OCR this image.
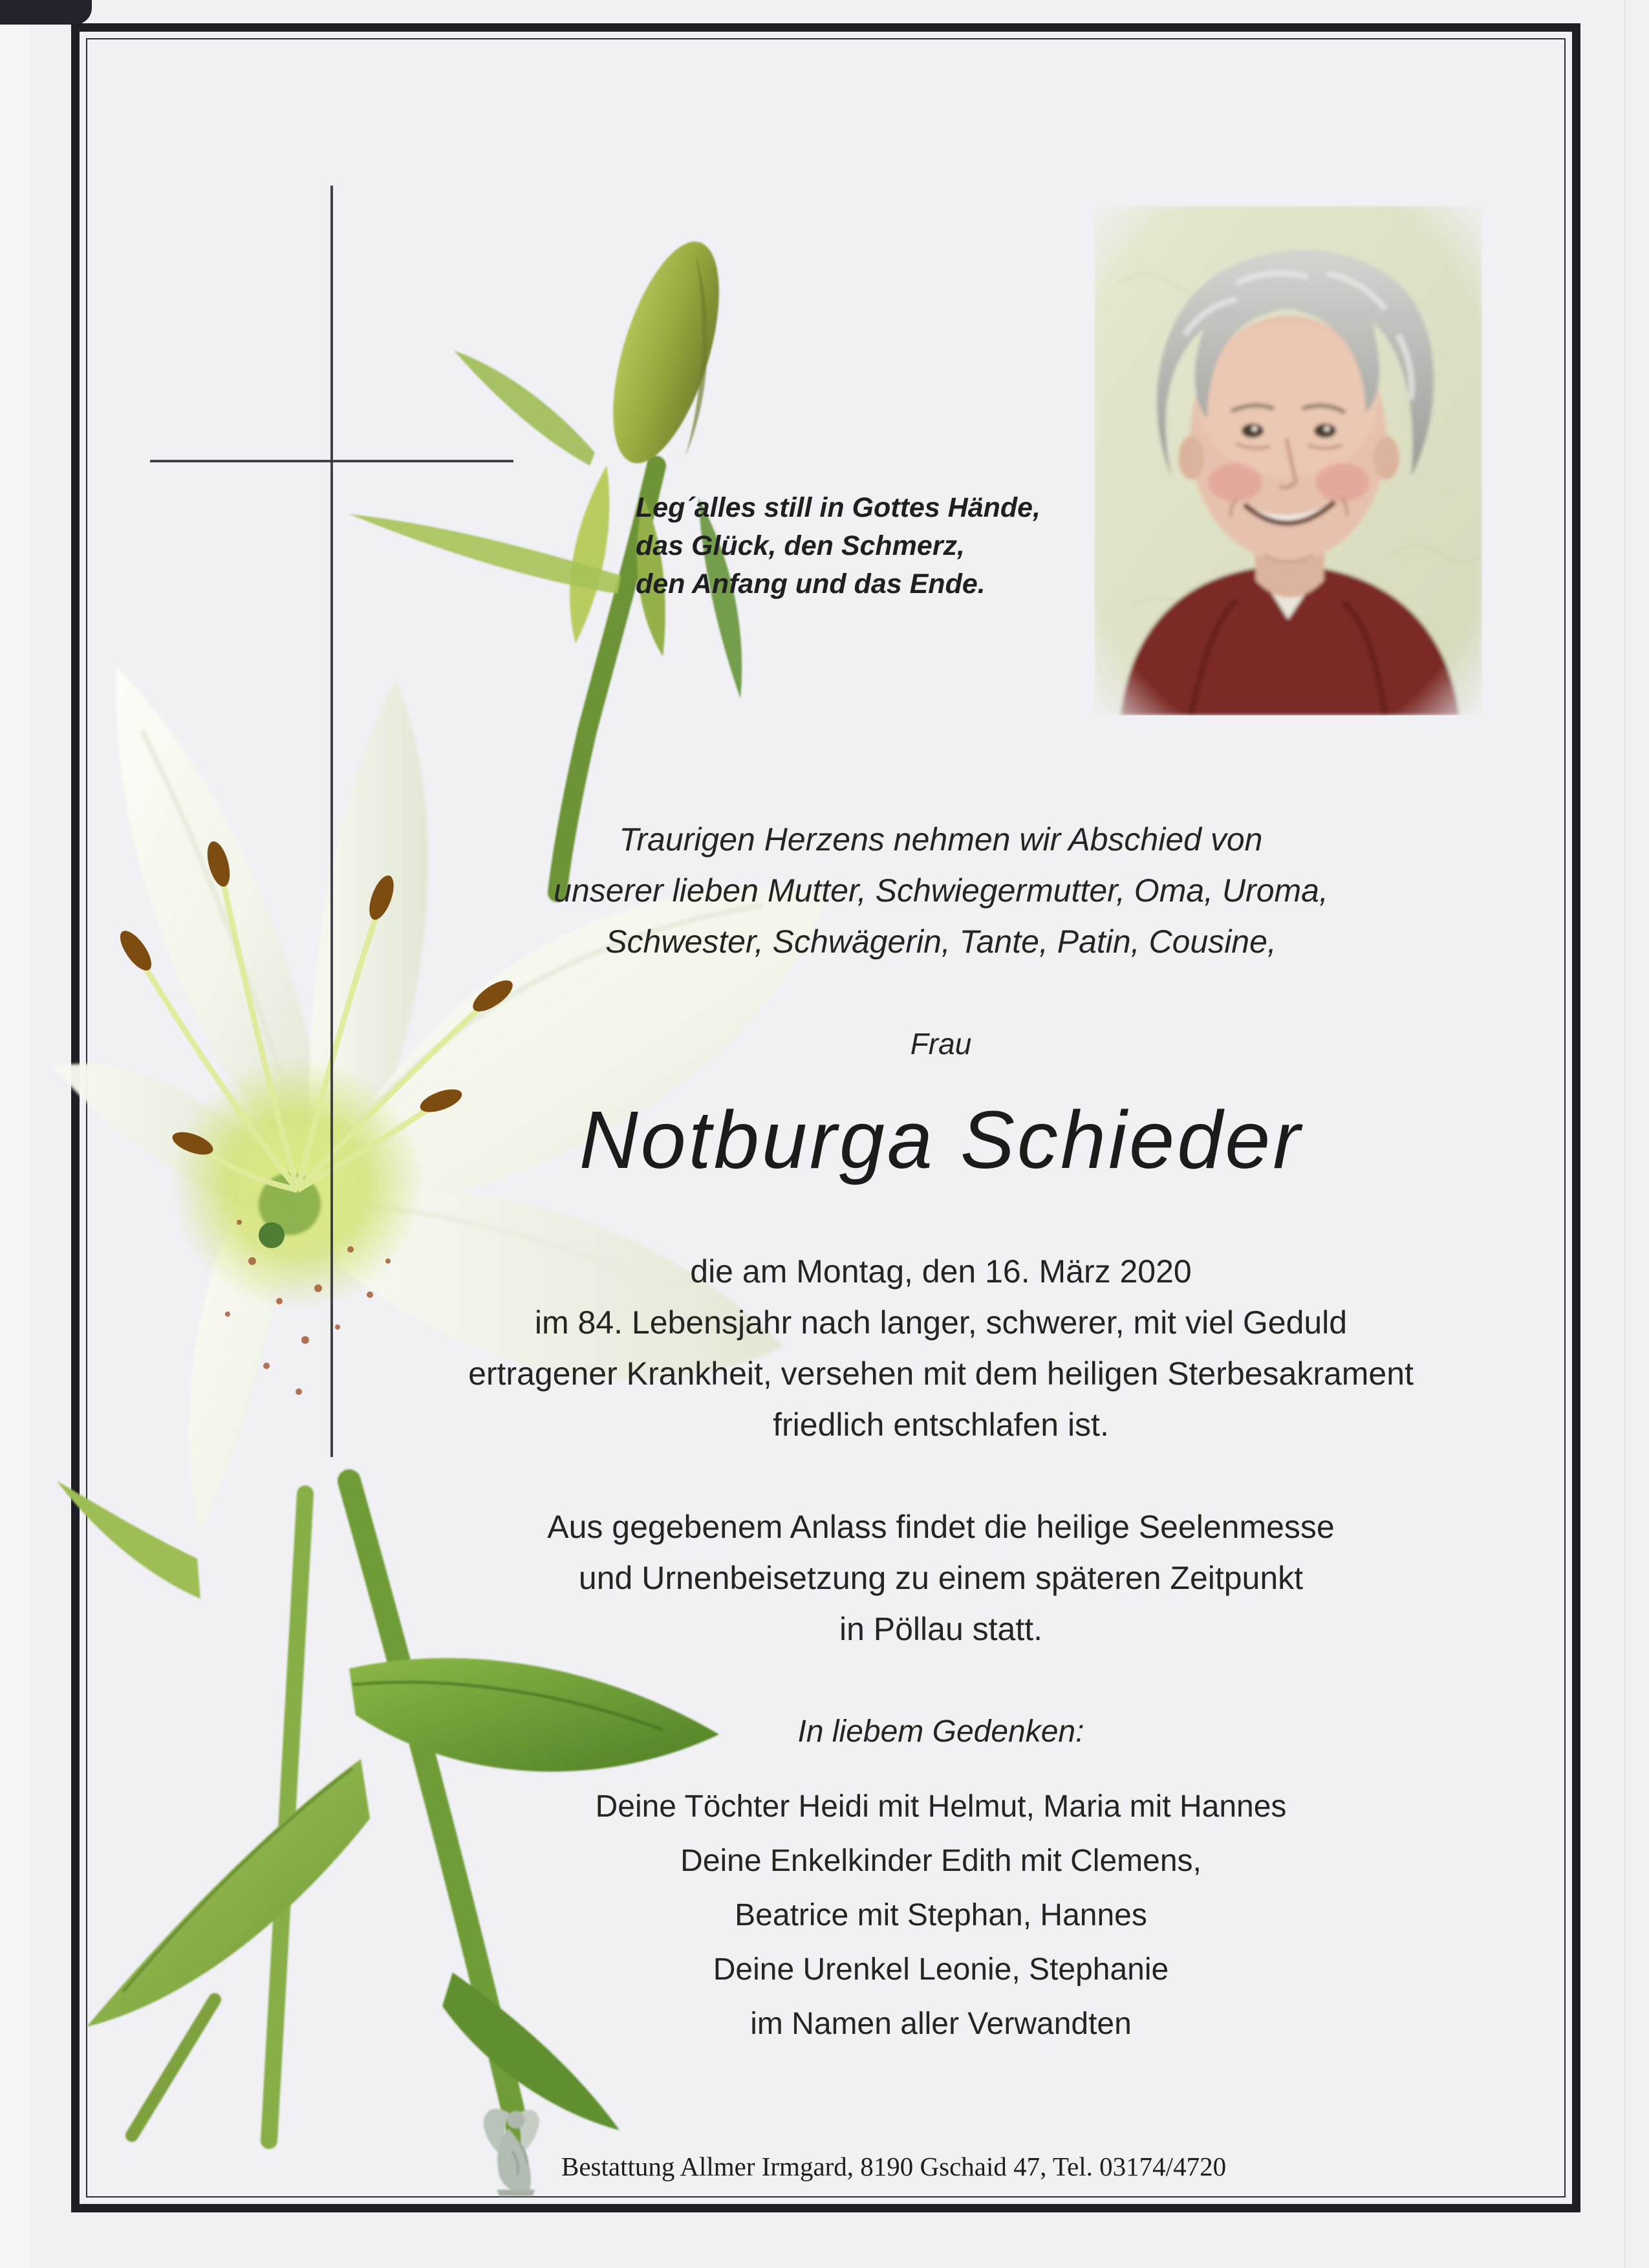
Leg´alles still in Gottes Hände,
das Glück, den Schmerz,
den Anfang und das Ende.
Traurigen Herzens nehmen wir Abschied von
unserer lieben Mutter, Schwiegermutter, Oma, Uroma,
Schwester, Schwägerin, Tante, Patin, Cousine,
Frau
Notburga Schieder
die am Montag, den 16. März 2020
im 84. Lebensjahr nach langer, schwerer, mit viel Geduld
ertragener Krankheit, versehen mit dem heiligen Sterbesakrament
friedlich entschlafen ist.
Aus gegebenem Anlass findet die heilige Seelenmesse
und Urnenbeisetzung zu einem späteren Zeitpunkt
in Pöllau statt.
In liebem Gedenken:
Deine Töchter Heidi mit Helmut, Maria mit Hannes
Deine Enkelkinder Edith mit Clemens,
Beatrice mit Stephan, Hannes
Deine Urenkel Leonie, Stephanie
im Namen aller Verwandten
Bestattung Allmer Irmgard, 8190 Gschaid 47, Tel. 03174/4720
